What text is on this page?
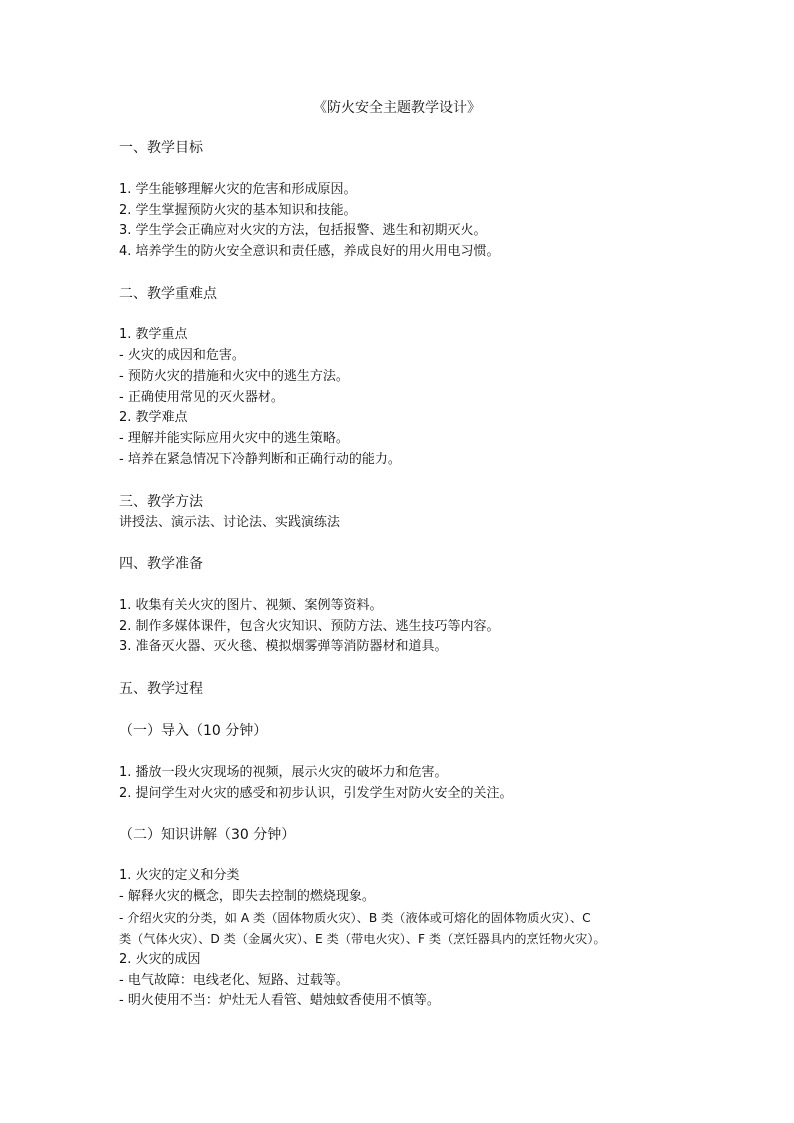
《防火安全主题教学设计》

一、教学目标

1. 学生能够理解火灾的危害和形成原因。

2. 学生掌握预防火灾的基本知识和技能。

3. 学生学会正确应对火灾的方法，包括报警、逃生和初期灭火。

4. 培养学生的防火安全意识和责任感，养成良好的用火用电习惯。

二、教学重难点

1. 教学重点

- 火灾的成因和危害。

- 预防火灾的措施和火灾中的逃生方法。

- 正确使用常见的灭火器材。

2. 教学难点

- 理解并能实际应用火灾中的逃生策略。

- 培养在紧急情况下冷静判断和正确行动的能力。

三、教学方法

讲授法、演示法、讨论法、实践演练法

四、教学准备

1. 收集有关火灾的图片、视频、案例等资料。

2. 制作多媒体课件，包含火灾知识、预防方法、逃生技巧等内容。

3. 准备灭火器、灭火毯、模拟烟雾弹等消防器材和道具。

五、教学过程

（一）导入（10 分钟）

1. 播放一段火灾现场的视频，展示火灾的破坏力和危害。

2. 提问学生对火灾的感受和初步认识，引发学生对防火安全的关注。

（二）知识讲解（30 分钟）

1. 火灾的定义和分类

- 解释火灾的概念，即失去控制的燃烧现象。

- 介绍火灾的分类，如 A 类（固体物质火灾）、B 类（液体或可熔化的固体物质火灾）、C

类（气体火灾）、D 类（金属火灾）、E 类（带电火灾）、F 类（烹饪器具内的烹饪物火灾）。

2. 火灾的成因

- 电气故障：电线老化、短路、过载等。

- 明火使用不当：炉灶无人看管、蜡烛蚊香使用不慎等。
